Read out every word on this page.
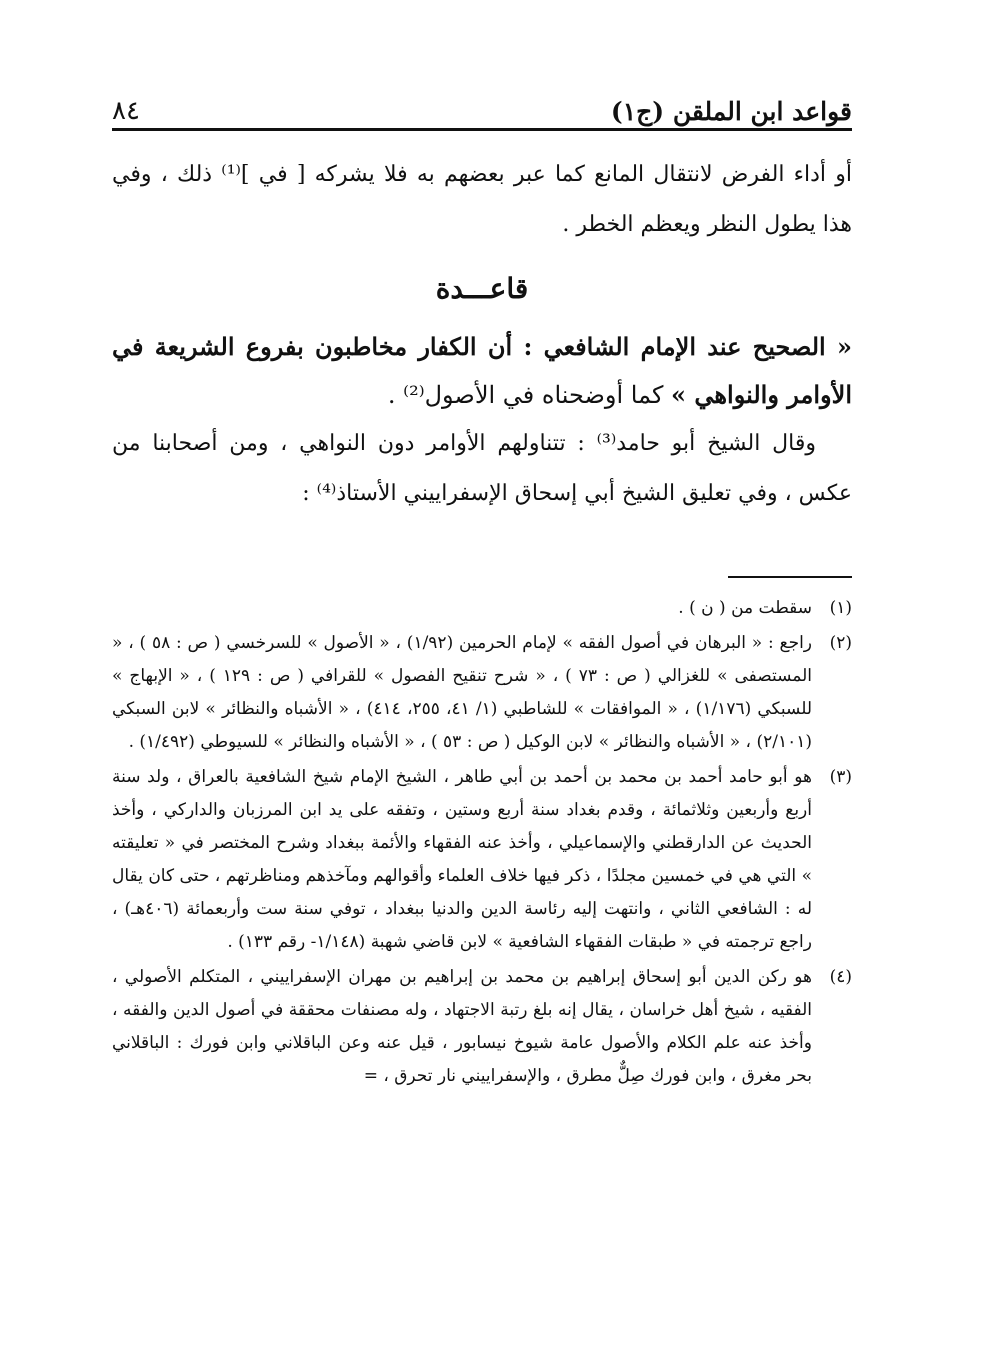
٨٤	قواعد ابن الملقن (ج١)

أو أداء الفرض لانتقال المانع كما عبر بعضهم به فلا يشركه [ في ]⁽¹⁾ ذلك ، وفي هذا يطول النظر ويعظم الخطر .

قاعـــدة

« الصحيح عند الإمام الشافعي : أن الكفار مخاطبون بفروع الشريعة في الأوامر والنواهي » كما أوضحناه في الأصول⁽²⁾ .

وقال الشيخ أبو حامد⁽³⁾ : تتناولهم الأوامر دون النواهي ، ومن أصحابنا من عكس ، وفي تعليق الشيخ أبي إسحاق الإسفراييني الأستاذ⁽⁴⁾ :

(١)
سقطت من ( ن ) .
(٢)
راجع : « البرهان في أصول الفقه » لإمام الحرمين (١/٩٢) ، « الأصول » للسرخسي ( ص : ٥٨ ) ، « المستصفى » للغزالي ( ص : ٧٣ ) ، « شرح تنقيح الفصول » للقرافي ( ص : ١٢٩ ) ، « الإبهاج » للسبكي (١/١٧٦) ، « الموافقات » للشاطبي (١/ ٤١، ٢٥٥، ٤١٤) ، « الأشباه والنظائر » لابن السبكي (٢/١٠١) ، « الأشباه والنظائر » لابن الوكيل ( ص : ٥٣ ) ، « الأشباه والنظائر » للسيوطي (١/٤٩٢) .
(٣)
هو أبو حامد أحمد بن محمد بن أحمد بن أبي طاهر ، الشيخ الإمام شيخ الشافعية بالعراق ، ولد سنة أربع وأربعين وثلاثمائة ، وقدم بغداد سنة أربع وستين ، وتفقه على يد ابن المرزبان والداركي ، وأخذ الحديث عن الدارقطني والإسماعيلي ، وأخذ عنه الفقهاء والأئمة ببغداد وشرح المختصر في « تعليقته » التي هي في خمسين مجلدًا ، ذكر فيها خلاف العلماء وأقوالهم ومآخذهم ومناظرتهم ، حتى كان يقال له : الشافعي الثاني ، وانتهت إليه رئاسة الدين والدنيا ببغداد ، توفي سنة ست وأربعمائة (٤٠٦هـ) ، راجع ترجمته في « طبقات الفقهاء الشافعية » لابن قاضي شهبة (١/١٤٨- رقم ١٣٣) .
(٤)
هو ركن الدين أبو إسحاق إبراهيم بن محمد بن إبراهيم بن مهران الإسفراييني ، المتكلم الأصولي ، الفقيه ، شيخ أهل خراسان ، يقال إنه بلغ رتبة الاجتهاد ، وله مصنفات محققة في أصول الدين والفقه ، وأخذ عنه علم الكلام والأصول عامة شيوخ نيسابور ، قيل عنه وعن الباقلاني وابن فورك : الباقلاني بحر مغرق ، وابن فورك صِلٌّ مطرق ، والإسفراييني نار تحرق ، =
